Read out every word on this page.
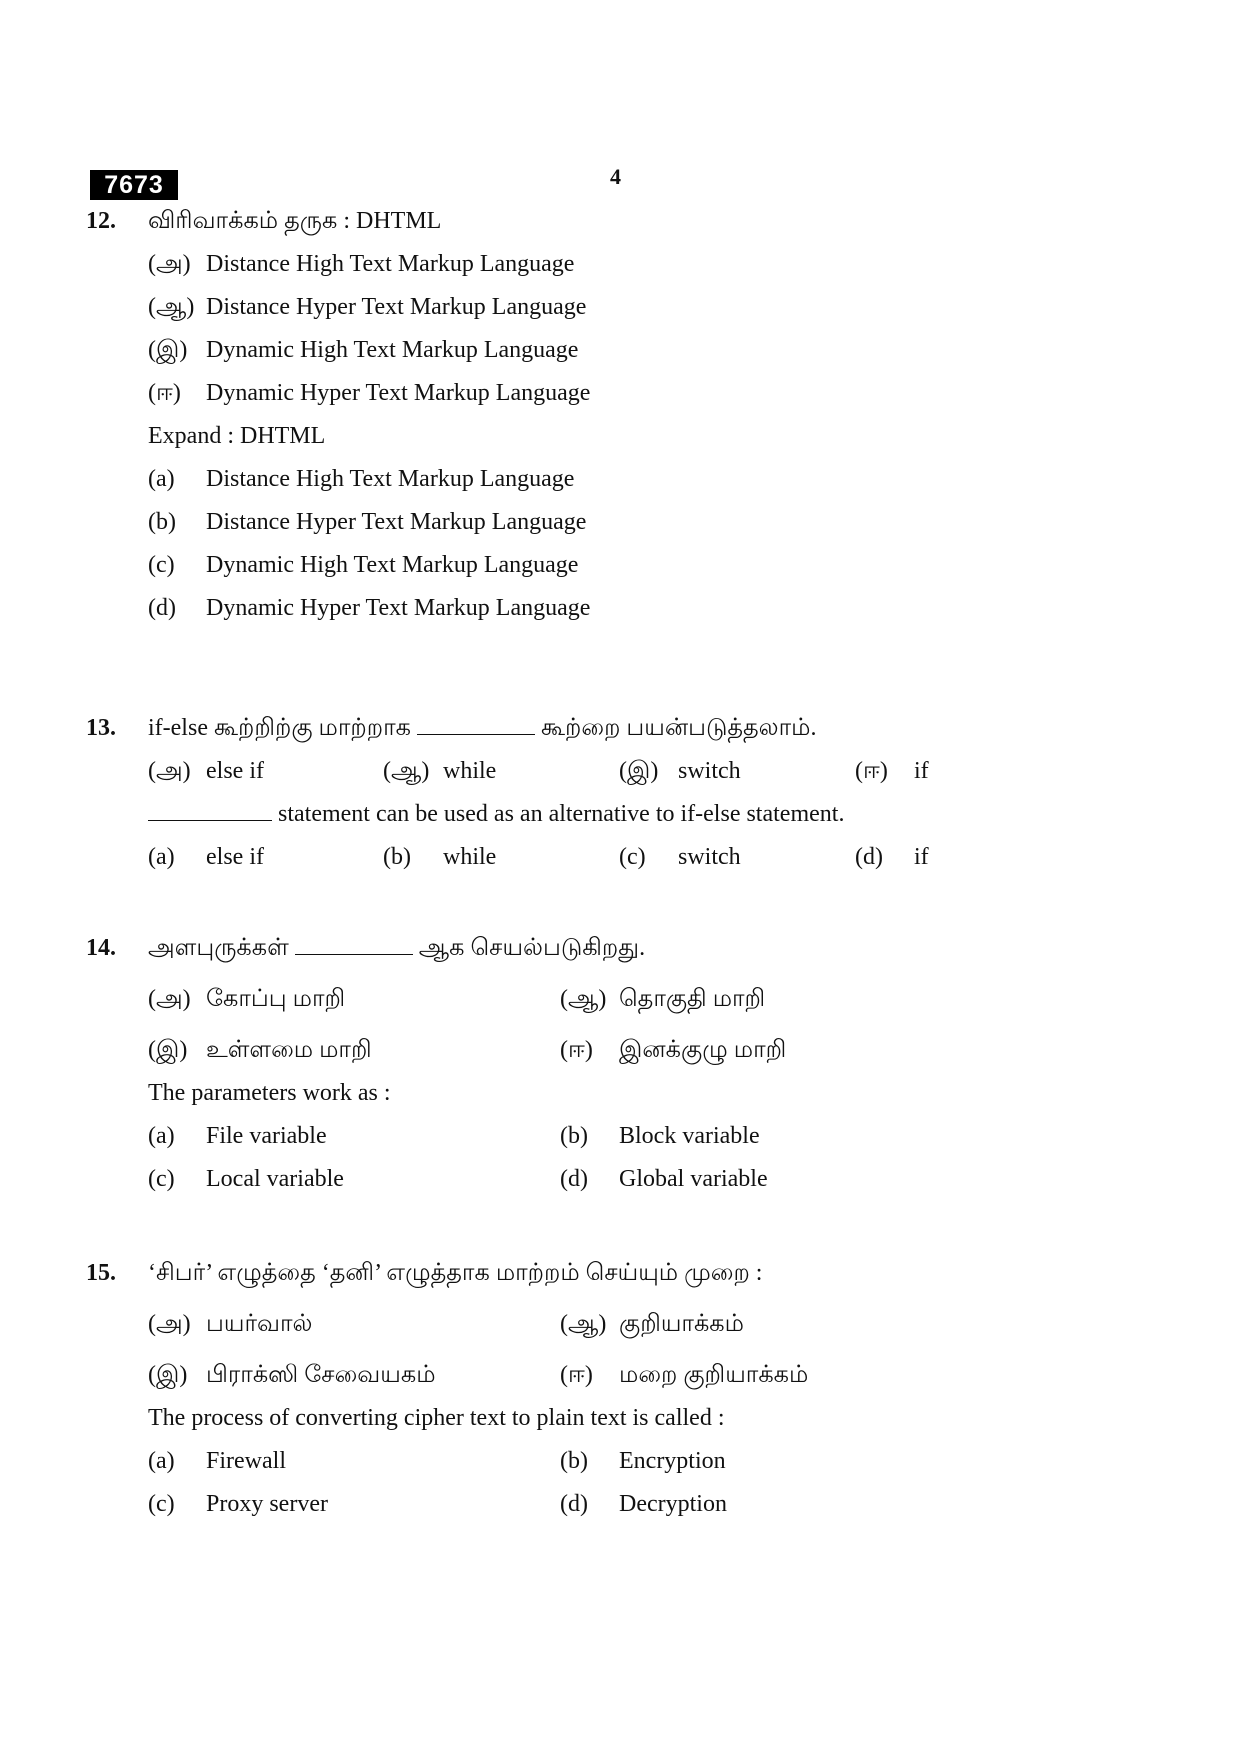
7673	4
12. விரிவாக்கம் தருக : DHTML
(அ) Distance High Text Markup Language
(ஆ) Distance Hyper Text Markup Language
(இ) Dynamic High Text Markup Language
(ஈ) Dynamic Hyper Text Markup Language
Expand : DHTML
(a) Distance High Text Markup Language
(b) Distance Hyper Text Markup Language
(c) Dynamic High Text Markup Language
(d) Dynamic Hyper Text Markup Language
13. if-else கூற்றிற்கு மாற்றாக	கூற்றை பயன்படுத்தலாம்.
(அ) else if	(ஆ) while	(இ) switch	(ஈ) if
statement can be used as an alternative to if-else statement.
(a) else if	(b) while	(c) switch	(d) if
14. அளபுருக்கள்	ஆக செயல்படுகிறது.
(அ) கோப்பு மாறி	(ஆ) தொகுதி மாறி
(இ) உள்ளமை மாறி	(ஈ) இனக்குழு மாறி
The parameters work as :
(a) File variable	(b) Block variable
(c) Local variable	(d) Global variable
15. ‘சிபர்’ எழுத்தை ‘தனி’ எழுத்தாக மாற்றம் செய்யும் முறை :
(அ) பயர்வால்	(ஆ) குறியாக்கம்
(இ) பிராக்ஸி சேவையகம்	(ஈ) மறை குறியாக்கம்
The process of converting cipher text to plain text is called :
(a) Firewall	(b) Encryption
(c) Proxy server	(d) Decryption
